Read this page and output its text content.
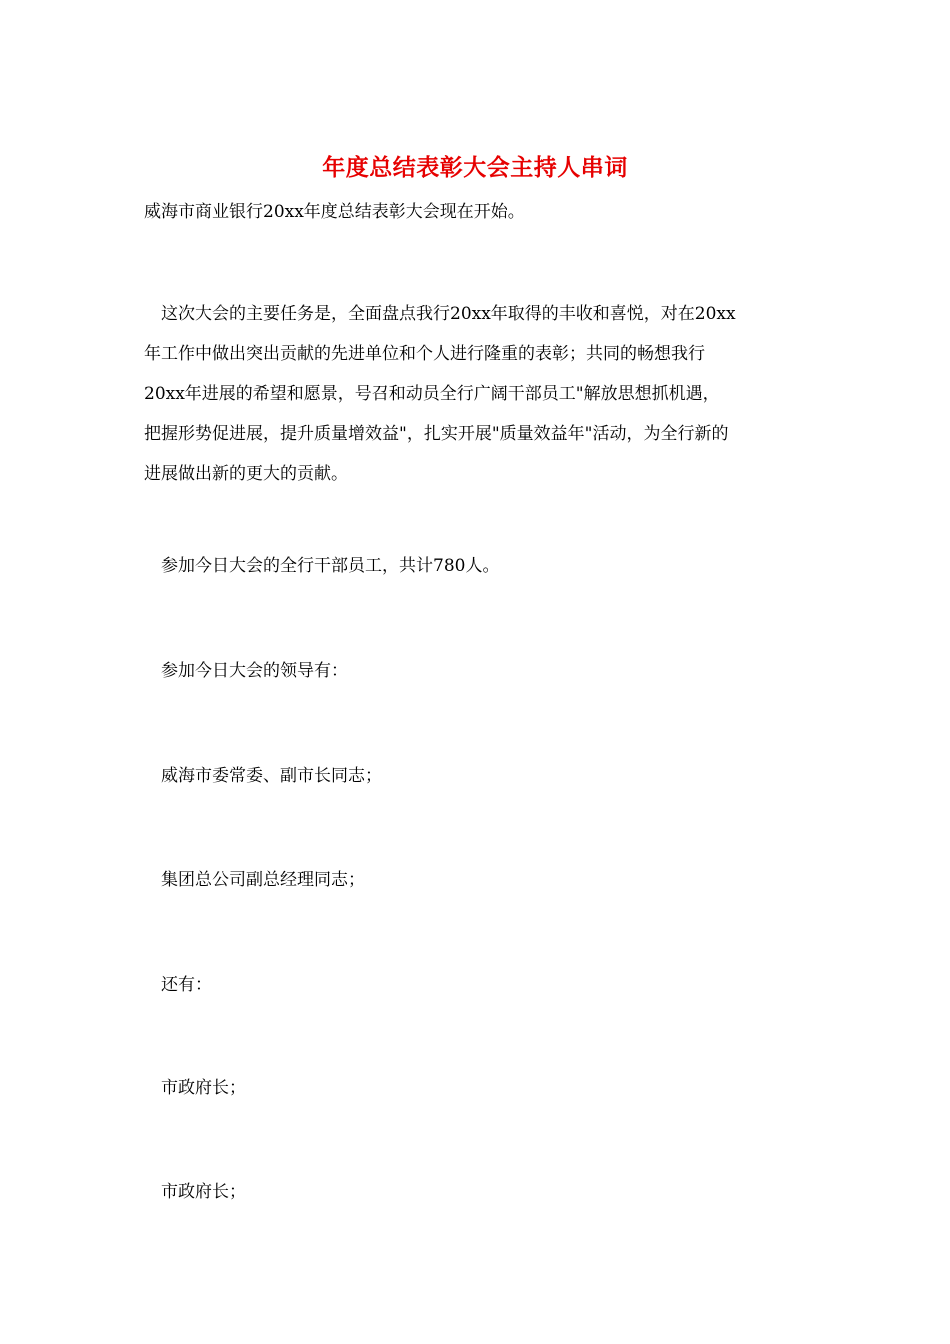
年度总结表彰大会主持人串词

威海市商业银行20xx年度总结表彰大会现在开始。

　这次大会的主要任务是，全面盘点我行20xx年取得的丰收和喜悦，对在20xx
年工作中做出突出贡献的先进单位和个人进行隆重的表彰；共同的畅想我行
20xx年进展的希望和愿景，号召和动员全行广阔干部员工"解放思想抓机遇，
把握形势促进展，提升质量增效益"，扎实开展"质量效益年"活动，为全行新的
进展做出新的更大的贡献。

　参加今日大会的全行干部员工，共计780人。

　参加今日大会的领导有：

　威海市委常委、副市长同志；

　集团总公司副总经理同志；

　还有：

　市政府长；

　市政府长；
